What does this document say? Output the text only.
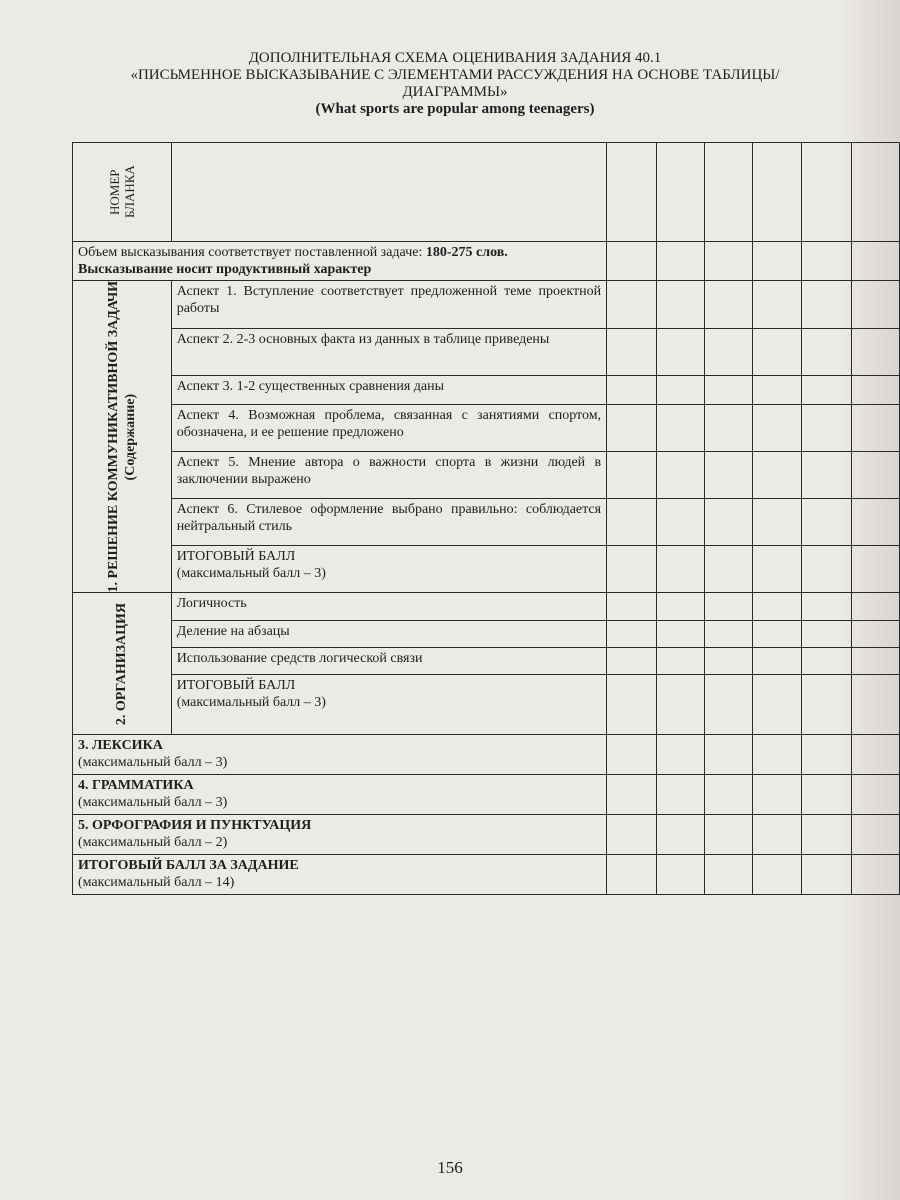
ДОПОЛНИТЕЛЬНАЯ СХЕМА ОЦЕНИВАНИЯ ЗАДАНИЯ 40.1
«ПИСЬМЕННОЕ ВЫСКАЗЫВАНИЕ С ЭЛЕМЕНТАМИ РАССУЖДЕНИЯ НА ОСНОВЕ ТАБЛИЦЫ/
ДИАГРАММЫ»
(What sports are popular among teenagers)
НОМЕР БЛАНКА							

Объем высказывания соответствует поставленной задаче: 180-275 слов.
Высказывание носит продуктивный характер							

1. РЕШЕНИЕ КОММУНИКАТИВНОЙ ЗАДАЧИ (Содержание)	Аспект 1. Вступление соответствует предложенной теме проектной работы						
	Аспект 2. 2-3 основных факта из данных в таблице приведены						
	Аспект 3. 1-2 существенных сравнения даны						
	Аспект 4. Возможная проблема, связанная с занятиями спортом, обозначена, и ее решение предложено						
	Аспект 5. Мнение автора о важности спорта в жизни людей в заключении выражено						
	Аспект 6. Стилевое оформление выбрано правильно: соблюдается нейтральный стиль						
	ИТОГОВЫЙ БАЛЛ
(максимальный балл – 3)						

2. ОРГАНИЗАЦИЯ	Логичность						
	Деление на абзацы						
	Использование средств логической связи						
	ИТОГОВЫЙ БАЛЛ
(максимальный балл – 3)						
3. ЛЕКСИКА
(максимальный балл – 3)							
4. ГРАММАТИКА
(максимальный балл – 3)							
5. ОРФОГРАФИЯ И ПУНКТУАЦИЯ
(максимальный балл – 2)							
ИТОГОВЫЙ БАЛЛ ЗА ЗАДАНИЕ
(максимальный балл – 14)							
156
